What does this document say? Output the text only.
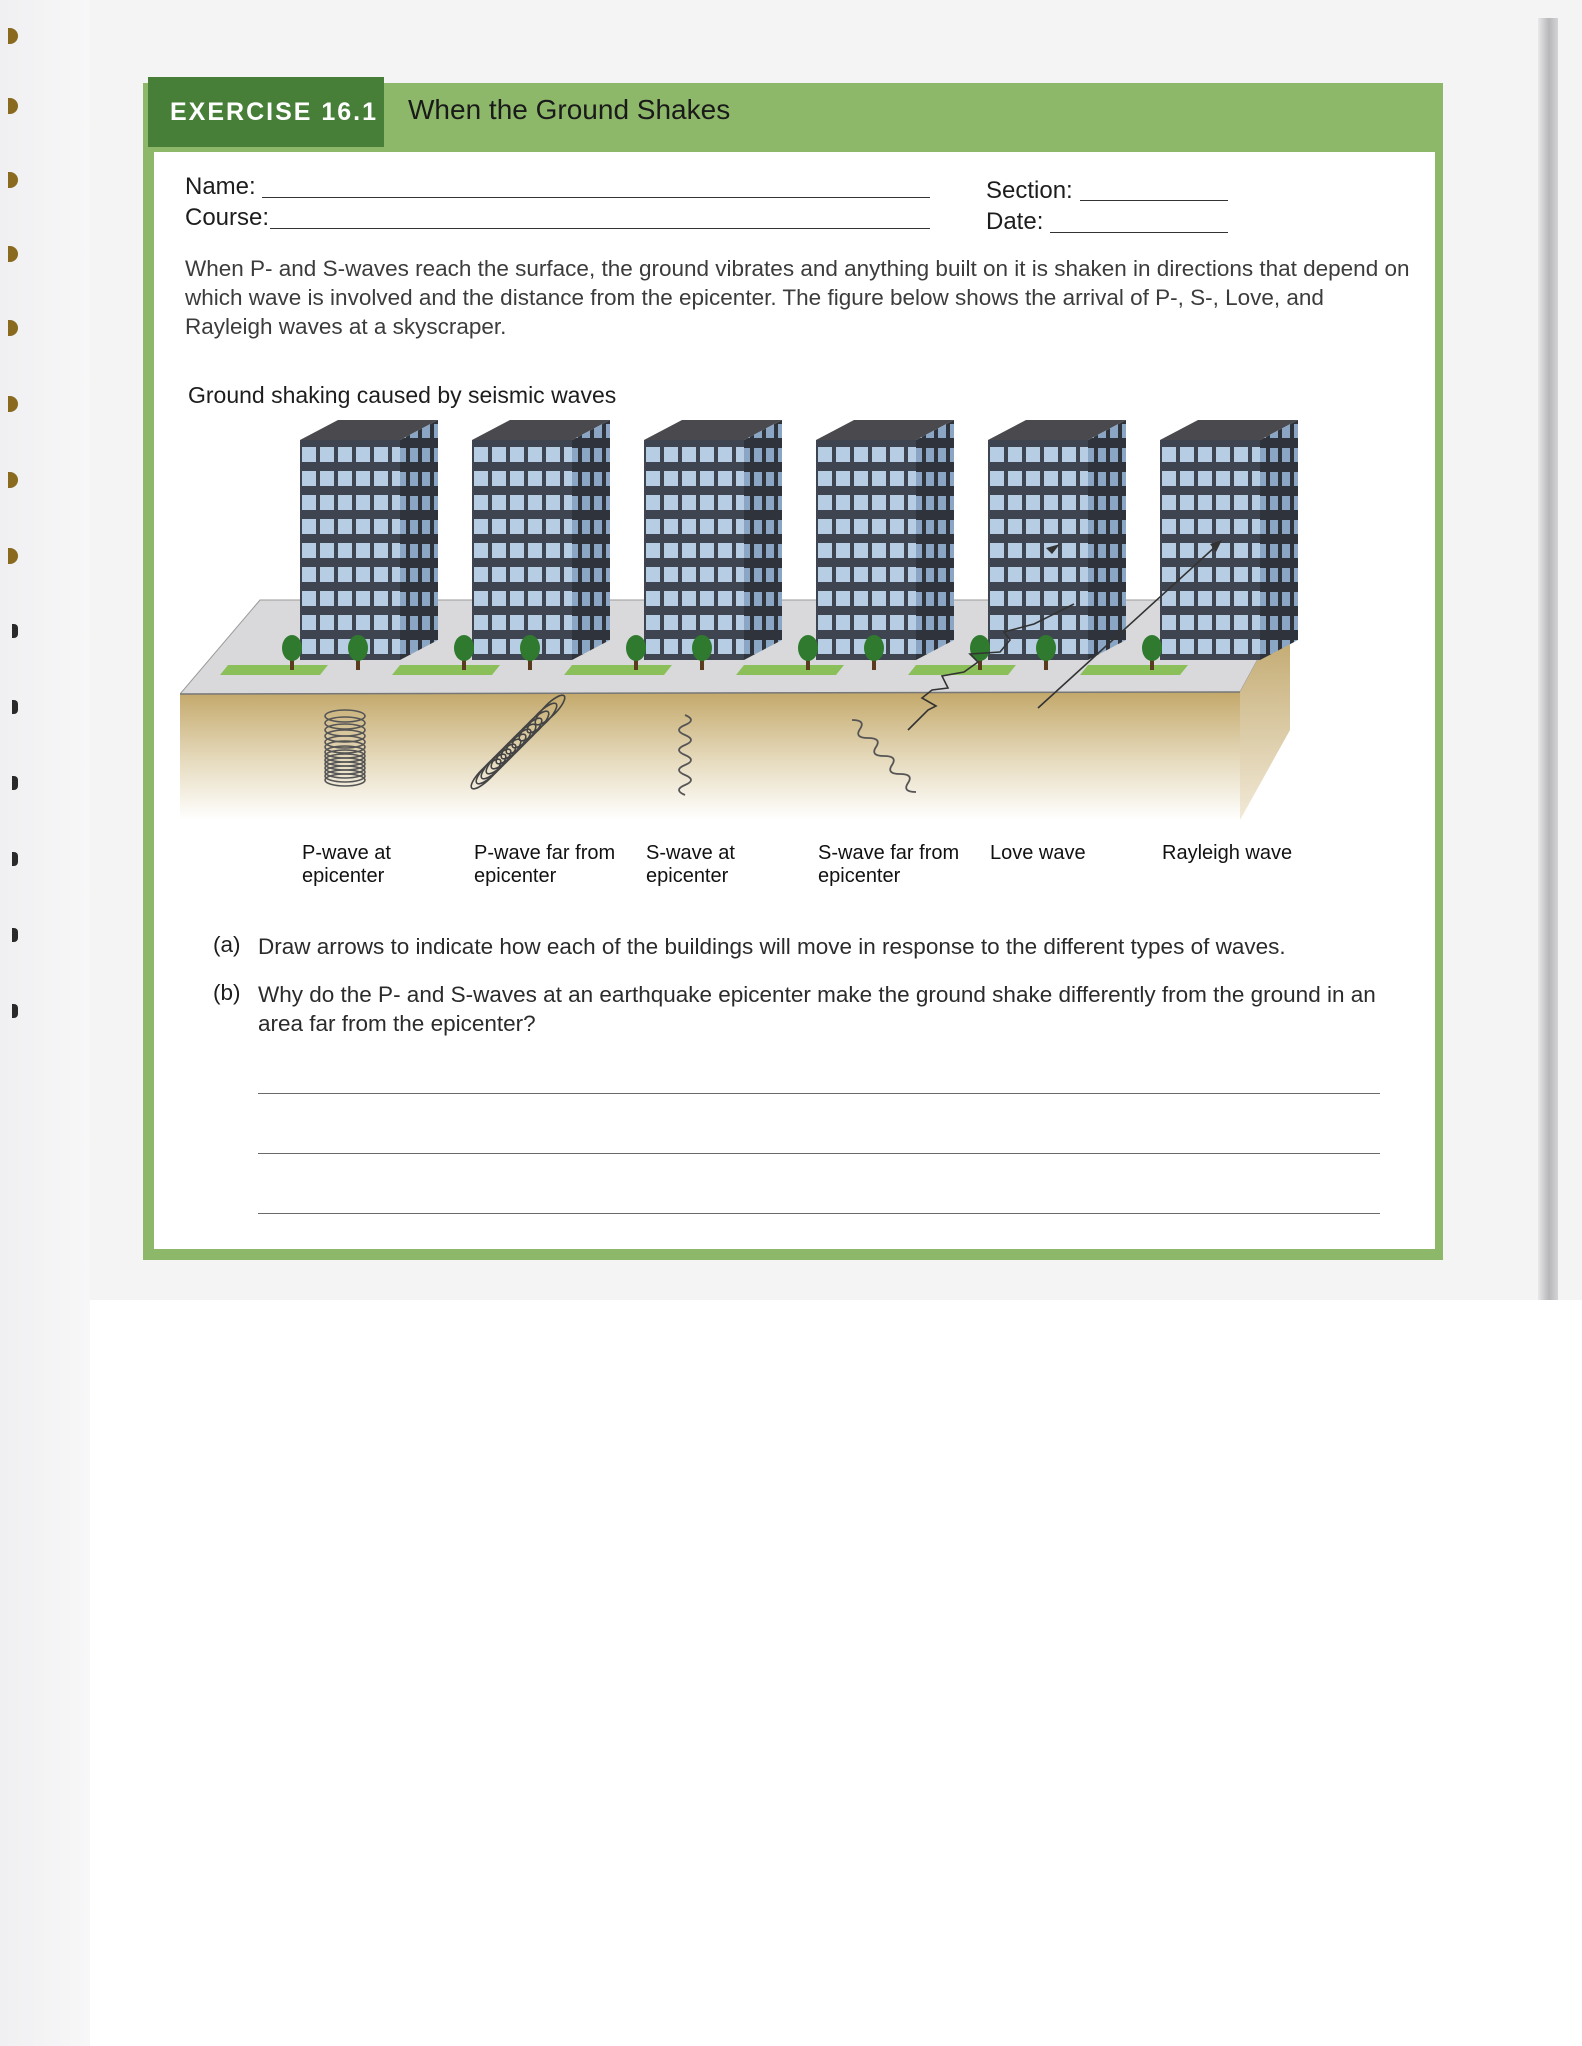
EXERCISE 16.1 When the Ground Shakes
Name:
Course:
Section:
Date:
When P- and S-waves reach the surface, the ground vibrates and anything built on it is shaken in directions that depend on which wave is involved and the distance from the epicenter. The figure below shows the arrival of P-, S-, Love, and Rayleigh waves at a skyscraper.
Ground shaking caused by seismic waves
P-wave at
epicenter
P-wave far from
epicenter
S-wave at
epicenter
S-wave far from
epicenter
Love wave	Rayleigh wave
(a) Draw arrows to indicate how each of the buildings will move in response to the different types of waves.
(b) Why do the P- and S-waves at an earthquake epicenter make the ground shake differently from the ground in an area far from the epicenter?
